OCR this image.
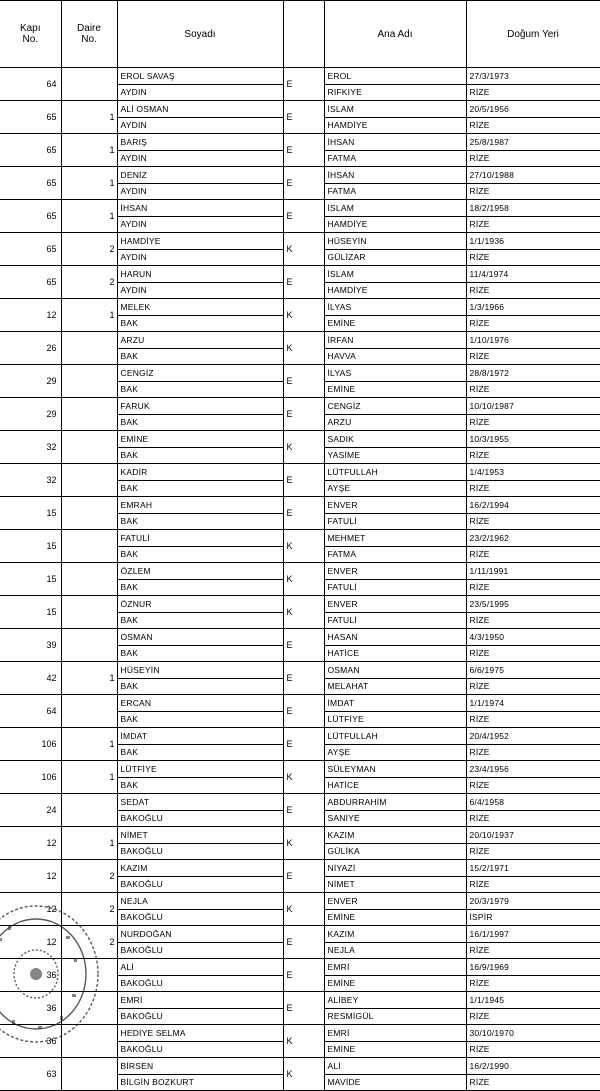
Kapı
No.	Daire
No.	Soyadı		Ana Adı	Doğum Yeri
64		EROL SAVAŞ	E	EROL	27/3/1973
		AYDIN		RIFKIYE	RİZE
65	1	ALİ OSMAN	E	İSLAM	20/5/1956
		AYDIN		HAMDİYE	RİZE
65	1	BARIŞ	E	İHSAN	25/8/1987
		AYDIN		FATMA	RİZE
65	1	DENİZ	E	İHSAN	27/10/1988
		AYDIN		FATMA	RİZE
65	1	İHSAN	E	İSLAM	18/2/1958
		AYDIN		HAMDİYE	RİZE
65	2	HAMDİYE	K	HÜSEYİN	1/1/1936
		AYDIN		GÜLİZAR	RİZE
65	2	HARUN	E	İSLAM	11/4/1974
		AYDIN		HAMDİYE	RİZE
12	1	MELEK	K	İLYAS	1/3/1966
		BAK		EMİNE	RİZE
26		ARZU	K	İRFAN	1/10/1976
		BAK		HAVVA	RİZE
29		CENGİZ	E	İLYAS	28/8/1972
		BAK		EMİNE	RİZE
29		FARUK	E	CENGİZ	10/10/1987
		BAK		ARZU	RİZE
32		EMİNE	K	SADIK	10/3/1955
		BAK		YASİME	RİZE
32		KADİR	E	LÜTFULLAH	1/4/1953
		BAK		AYŞE	RİZE
15		EMRAH	E	ENVER	16/2/1994
		BAK		FATULİ	RİZE
15		FATULİ	K	MEHMET	23/2/1962
		BAK		FATMA	RİZE
15		ÖZLEM	K	ENVER	1/11/1991
		BAK		FATULİ	RİZE
15		ÖZNUR	K	ENVER	23/5/1995
		BAK		FATULİ	RİZE
39		OSMAN	E	HASAN	4/3/1950
		BAK		HATİCE	RİZE
42	1	HÜSEYİN	E	OSMAN	6/6/1975
		BAK		MELAHAT	RİZE
64		ERCAN	E	İMDAT	1/1/1974
		BAK		LÜTFİYE	RİZE
106	1	İMDAT	E	LÜTFULLAH	20/4/1952
		BAK		AYŞE	RİZE
106	1	LÜTFİYE	K	SÜLEYMAN	23/4/1956
		BAK		HATİCE	RİZE
24		SEDAT	E	ABDURRAHİM	6/4/1958
		BAKOĞLU		SANİYE	RİZE
12	1	NİMET	K	KAZIM	20/10/1937
		BAKOĞLU		GÜLİKA	RİZE
12	2	KAZIM	E	NİYAZİ	15/2/1971
		BAKOĞLU		NİMET	RİZE
12	2	NEJLA	K	ENVER	20/3/1979
		BAKOĞLU		EMİNE	İSPİR
12	2	NURDOĞAN	E	KAZIM	16/1/1997
		BAKOĞLU		NEJLA	RİZE
36		ALİ	E	EMRİ	16/9/1969
		BAKOĞLU		EMİNE	RİZE
36		EMRİ	E	ALİBEY	1/1/1945
		BAKOĞLU		RESMİGÜL	RİZE
36		HEDİYE SELMA	K	EMRİ	30/10/1970
		BAKOĞLU		EMİNE	RİZE
63		BİRSEN	K	ALİ	16/2/1990
		BİLGİN BOZKURT		MAVİDE	RİZE
